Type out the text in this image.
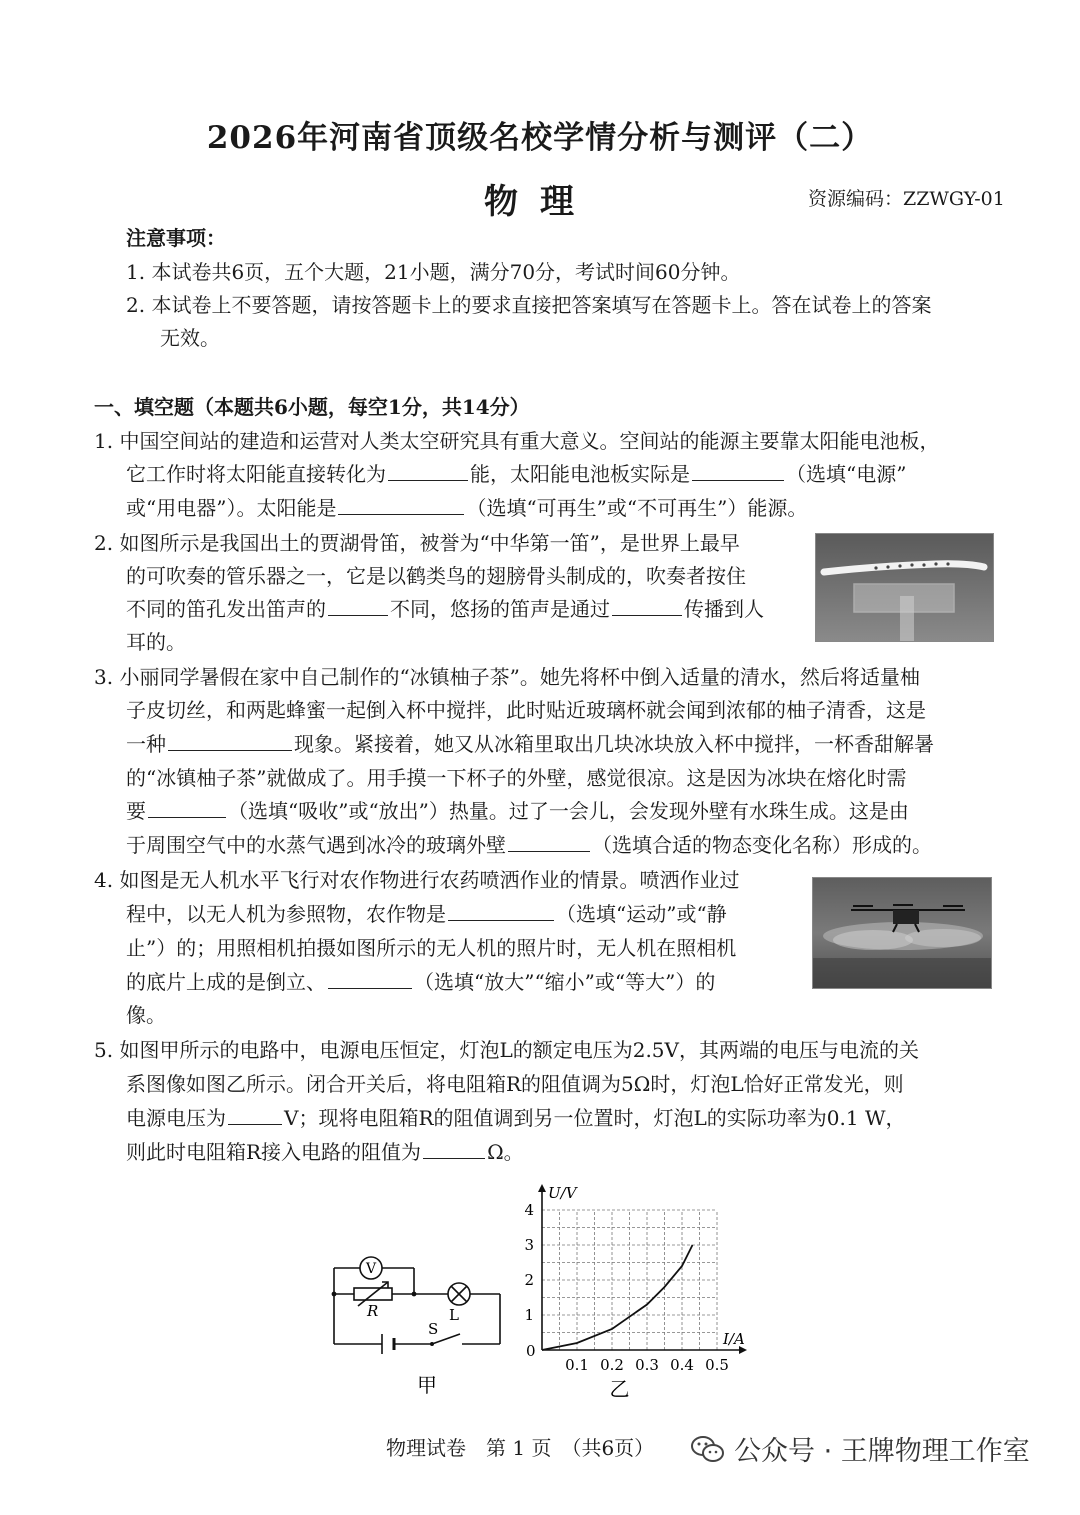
2026年河南省顶级名校学情分析与测评（二）
物理	资源编码：ZZWGY-01
注意事项：
1. 本试卷共6页，五个大题，21小题，满分70分，考试时间60分钟。
2. 本试卷上不要答题，请按答题卡上的要求直接把答案填写在答题卡上。答在试卷上的答案
无效。
一、填空题（本题共6小题，每空1分，共14分）
1. 中国空间站的建造和运营对人类太空研究具有重大意义。空间站的能源主要靠太阳能电池板，
它工作时将太阳能直接转化为	能，太阳能电池板实际是	（选填“电源”
或“用电器”）。太阳能是	（选填“可再生”或“不可再生”）能源。
2. 如图所示是我国出土的贾湖骨笛，被誉为“中华第一笛”，是世界上最早
的可吹奏的管乐器之一，它是以鹤类鸟的翅膀骨头制成的，吹奏者按住
不同的笛孔发出笛声的	不同，悠扬的笛声是通过	传播到人
耳的。
3. 小丽同学暑假在家中自己制作的“冰镇柚子茶”。她先将杯中倒入适量的清水，然后将适量柚
子皮切丝，和两匙蜂蜜一起倒入杯中搅拌，此时贴近玻璃杯就会闻到浓郁的柚子清香，这是
一种	现象。紧接着，她又从冰箱里取出几块冰块放入杯中搅拌，一杯香甜解暑
的“冰镇柚子茶”就做成了。用手摸一下杯子的外壁，感觉很凉。这是因为冰块在熔化时需
要	（选填“吸收”或“放出”）热量。过了一会儿，会发现外壁有水珠生成。这是由
于周围空气中的水蒸气遇到冰冷的玻璃外壁	（选填合适的物态变化名称）形成的。
4. 如图是无人机水平飞行对农作物进行农药喷洒作业的情景。喷洒作业过
程中，以无人机为参照物，农作物是	（选填“运动”或“静
止”）的；用照相机拍摄如图所示的无人机的照片时，无人机在照相机
的底片上成的是倒立、	（选填“放大”“缩小”或“等大”）的
像。
5. 如图甲所示的电路中，电源电压恒定，灯泡L的额定电压为2.5V，其两端的电压与电流的关
系图像如图乙所示。闭合开关后，将电阻箱R的阻值调为5Ω时，灯泡L恰好正常发光，则
电源电压为	V；现将电阻箱R的阻值调到另一位置时，灯泡L的实际功率为0.1 W，
则此时电阻箱R接入电路的阻值为	Ω。
V
R	L
S
甲
0.1 0.2 0.3 0.4 0.5
1
2
3
4
U/V
I/A
0
乙
物理试卷　第 1 页　（共6页）	公众号 · 王牌物理工作室
